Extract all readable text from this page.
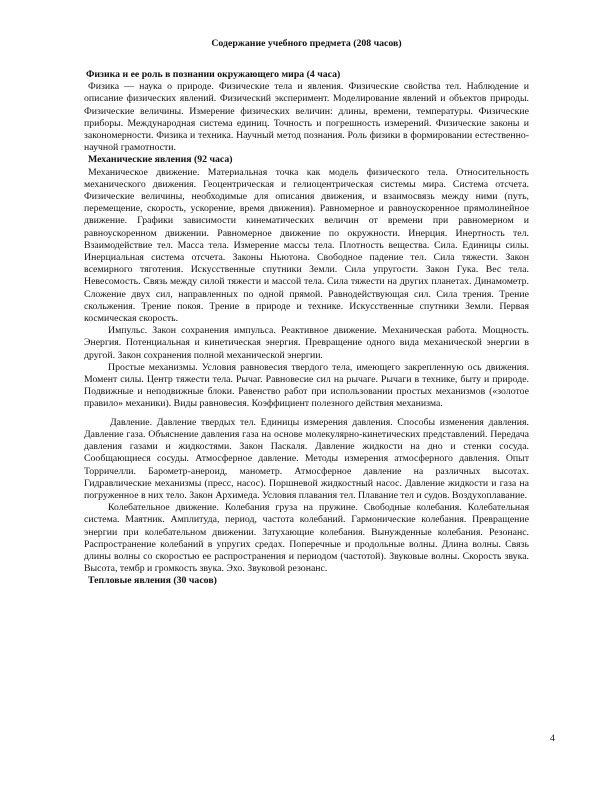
Содержание учебного предмета (208 часов)

Физика и ее роль в познании окружающего мира (4 часа)

Физика — наука о природе. Физические тела и явления. Физические свойства тел. Наблюдение и описание физических явлений. Физический эксперимент. Моделирование явлений и объектов природы. Физические величины. Измерение физических величин: длины, времени, температуры. Физические приборы. Международная система единиц. Точность и погрешность измерений. Физические законы и закономерности. Физика и техника. Научный метод познания. Роль физики в формировании естественно-научной грамотности.

Механические явления (92 часа)

Механическое движение. Материальная точка как модель физического тела. Относительность механического движения. Геоцентрическая и гелиоцентрическая системы мира. Система отсчета. Физические величины, необходимые для описания движения, и взаимосвязь между ними (путь, перемещение, скорость, ускорение, время движения). Равномерное и равноускоренное прямолинейное движение. Графики зависимости кинематических величин от времени при равномерном и равноускоренном движении. Равномерное движение по окружности. Инерция. Инертность тел. Взаимодействие тел. Масса тела. Измерение массы тела. Плотность вещества. Сила. Единицы силы. Инерциальная система отсчета. Законы Ньютона. Свободное падение тел. Сила тяжести. Закон всемирного тяготения. Искусственные спутники Земли. Сила упругости. Закон Гука. Вес тела. Невесомость. Связь между силой тяжести и массой тела. Сила тяжести на других планетах. Динамометр. Сложение двух сил, направленных по одной прямой. Равнодействующая сил. Сила трения. Трение скольжения. Трение покоя. Трение в природе и технике. Искусственные спутники Земли. Первая космическая скорость.

Импульс. Закон сохранения импульса. Реактивное движение. Механическая работа. Мощность. Энергия. Потенциальная и кинетическая энергия. Превращение одного вида механической энергии в другой. Закон сохранения полной механической энергии.

Простые механизмы. Условия равновесия твердого тела, имеющего закрепленную ось движения. Момент силы. Центр тяжести тела. Рычаг. Равновесие сил на рычаге. Рычаги в технике, быту и природе. Подвижные и неподвижные блоки. Равенство работ при использовании простых механизмов («золотое правило» механики). Виды равновесия. Коэффициент полезного действия механизма.

Давление. Давление твердых тел. Единицы измерения давления. Способы изменения давления. Давление газа. Объяснение давления газа на основе молекулярно-кинетических представлений. Передача давления газами и жидкостями. Закон Паскаля. Давление жидкости на дно и стенки сосуда. Сообщающиеся сосуды. Атмосферное давление. Методы измерения атмосферного давления. Опыт Торричелли. Барометр-анероид, манометр. Атмосферное давление на различных высотах. Гидравлические механизмы (пресс, насос). Поршневой жидкостный насос. Давление жидкости и газа на погруженное в них тело. Закон Архимеда. Условия плавания тел. Плавание тел и судов. Воздухоплавание.

Колебательное движение. Колебания груза на пружине. Свободные колебания. Колебательная система. Маятник. Амплитуда, период, частота колебаний. Гармонические колебания. Превращение энергии при колебательном движении. Затухающие колебания. Вынужденные колебания. Резонанс. Распространение колебаний в упругих средах. Поперечные и продольные волны. Длина волны. Связь длины волны со скоростью ее распространения и периодом (частотой). Звуковые волны. Скорость звука. Высота, тембр и громкость звука. Эхо. Звуковой резонанс.

Тепловые явления (30 часов)

4
